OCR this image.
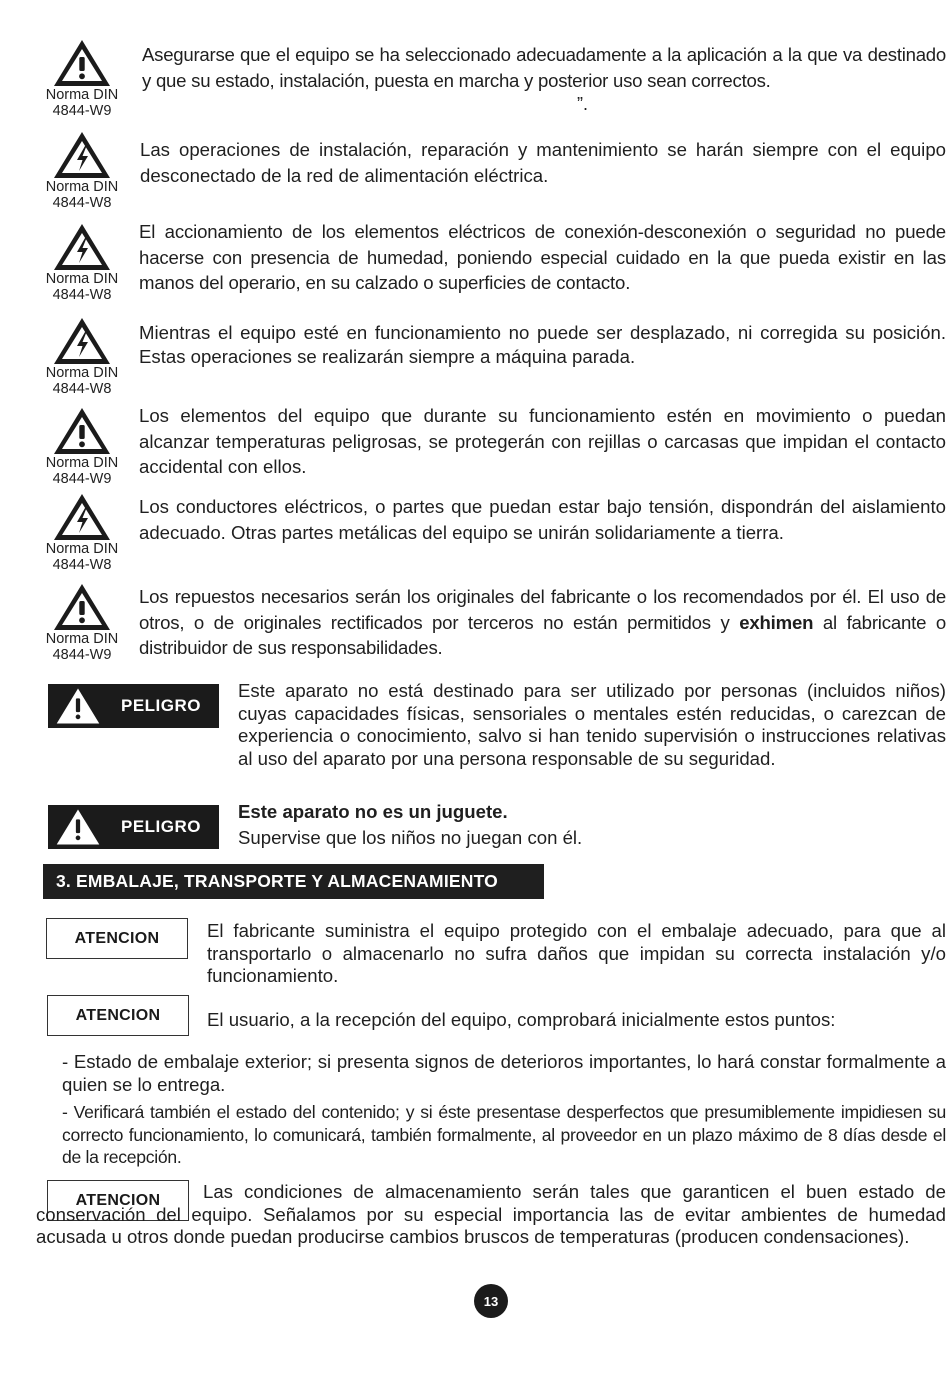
Norma DIN
4844-W9
Asegurarse que el equipo se ha seleccionado adecuadamente a la aplicación a la que va destinado y que su estado, instalación, puesta en marcha y posterior uso sean correctos.
”.
Norma DIN
4844-W8
Las operaciones de instalación, reparación y mantenimiento se harán siempre con el equipo desconectado de la red de alimentación eléctrica.
Norma DIN
4844-W8
El accionamiento de los elementos eléctricos de conexión-desconexión o seguridad no puede hacerse con presencia de humedad, poniendo especial cuidado en la que pueda existir en las manos del operario, en su calzado o superficies de contacto.
Norma DIN
4844-W8
Mientras el equipo esté en funcionamiento no puede ser desplazado, ni corregida su posición. Estas operaciones se realizarán siempre a máquina parada.
Norma DIN
4844-W9
Los elementos del equipo que durante su funcionamiento estén en movimiento o puedan alcanzar temperaturas peligrosas, se protegerán con rejillas o carcasas que impidan el contacto accidental con ellos.
Norma DIN
4844-W8
Los conductores eléctricos, o partes que puedan estar bajo tensión, dispondrán del aislamiento adecuado. Otras partes metálicas del equipo se unirán solidariamente a tierra.
Norma DIN
4844-W9
Los repuestos necesarios serán los originales del fabricante o los recomendados por él. El uso de otros, o de originales rectificados por terceros no están permitidos y exhimen al fabricante o distribuidor de sus responsabilidades.
PELIGRO
Este aparato no está destinado para ser utilizado por personas (incluidos niños) cuyas capacidades físicas, sensoriales o mentales estén reducidas, o carezcan de experiencia o conocimiento, salvo si han tenido supervisión o instrucciones relativas al uso del aparato por una persona responsable de su seguridad.
PELIGRO
Este aparato no es un juguete.
Supervise que los niños no juegan con él.
3. EMBALAJE, TRANSPORTE Y ALMACENAMIENTO
ATENCION	El fabricante suministra el equipo protegido con el embalaje adecuado, para que al transportarlo o almacenarlo no sufra daños que impidan su correcta instalación y/o funcionamiento.
ATENCION	El usuario, a la recepción del equipo, comprobará inicialmente estos puntos:
- Estado de embalaje exterior; si presenta signos de deterioros importantes, lo hará constar formalmente a quien se lo entrega.
- Verificará también el estado del contenido; y si éste presentase desperfectos que presumiblemente impidiesen su correcto funcionamiento, lo comunicará, también formalmente, al proveedor en un plazo máximo de 8 días desde el de la recepción.
ATENCION	Las condiciones de almacenamiento serán tales que garanticen el buen estado de conservación del equipo. Señalamos por su especial importancia las de evitar ambientes de humedad acusada u otros donde puedan producirse cambios bruscos de temperaturas (producen condensaciones).
13
